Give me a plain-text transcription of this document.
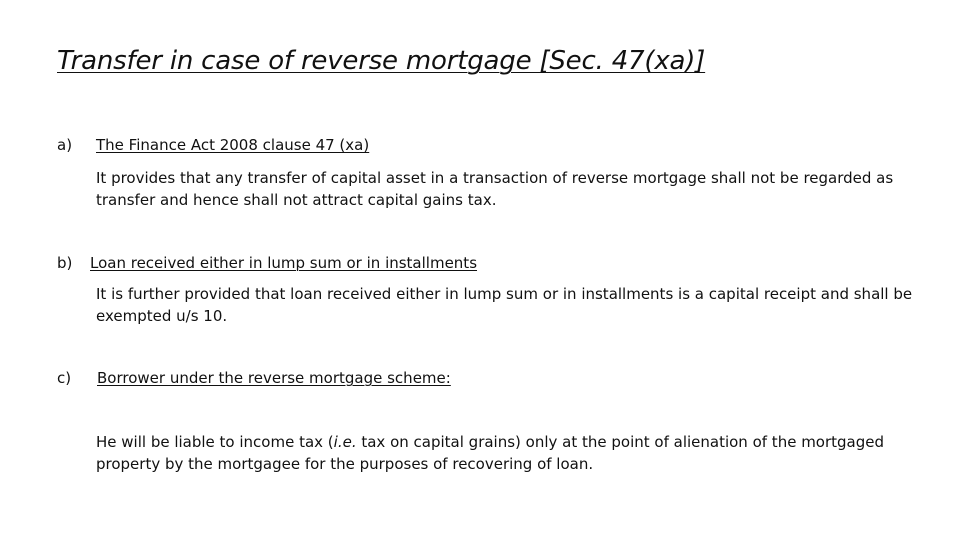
Transfer in case of reverse mortgage [Sec. 47(xa)]
a) The Finance Act 2008 clause 47 (xa)
It provides that any transfer of capital asset in a transaction of reverse mortgage shall not be regarded as transfer and hence shall not attract capital gains tax.
b) Loan received either in lump sum or in installments
It is further provided that loan received either in lump sum or in installments is a capital receipt and shall be exempted u/s 10.
c) Borrower under the reverse mortgage scheme:
He will be liable to income tax (i.e. tax on capital grains) only at the point of alienation of the mortgaged property by the mortgagee for the purposes of recovering of loan.
